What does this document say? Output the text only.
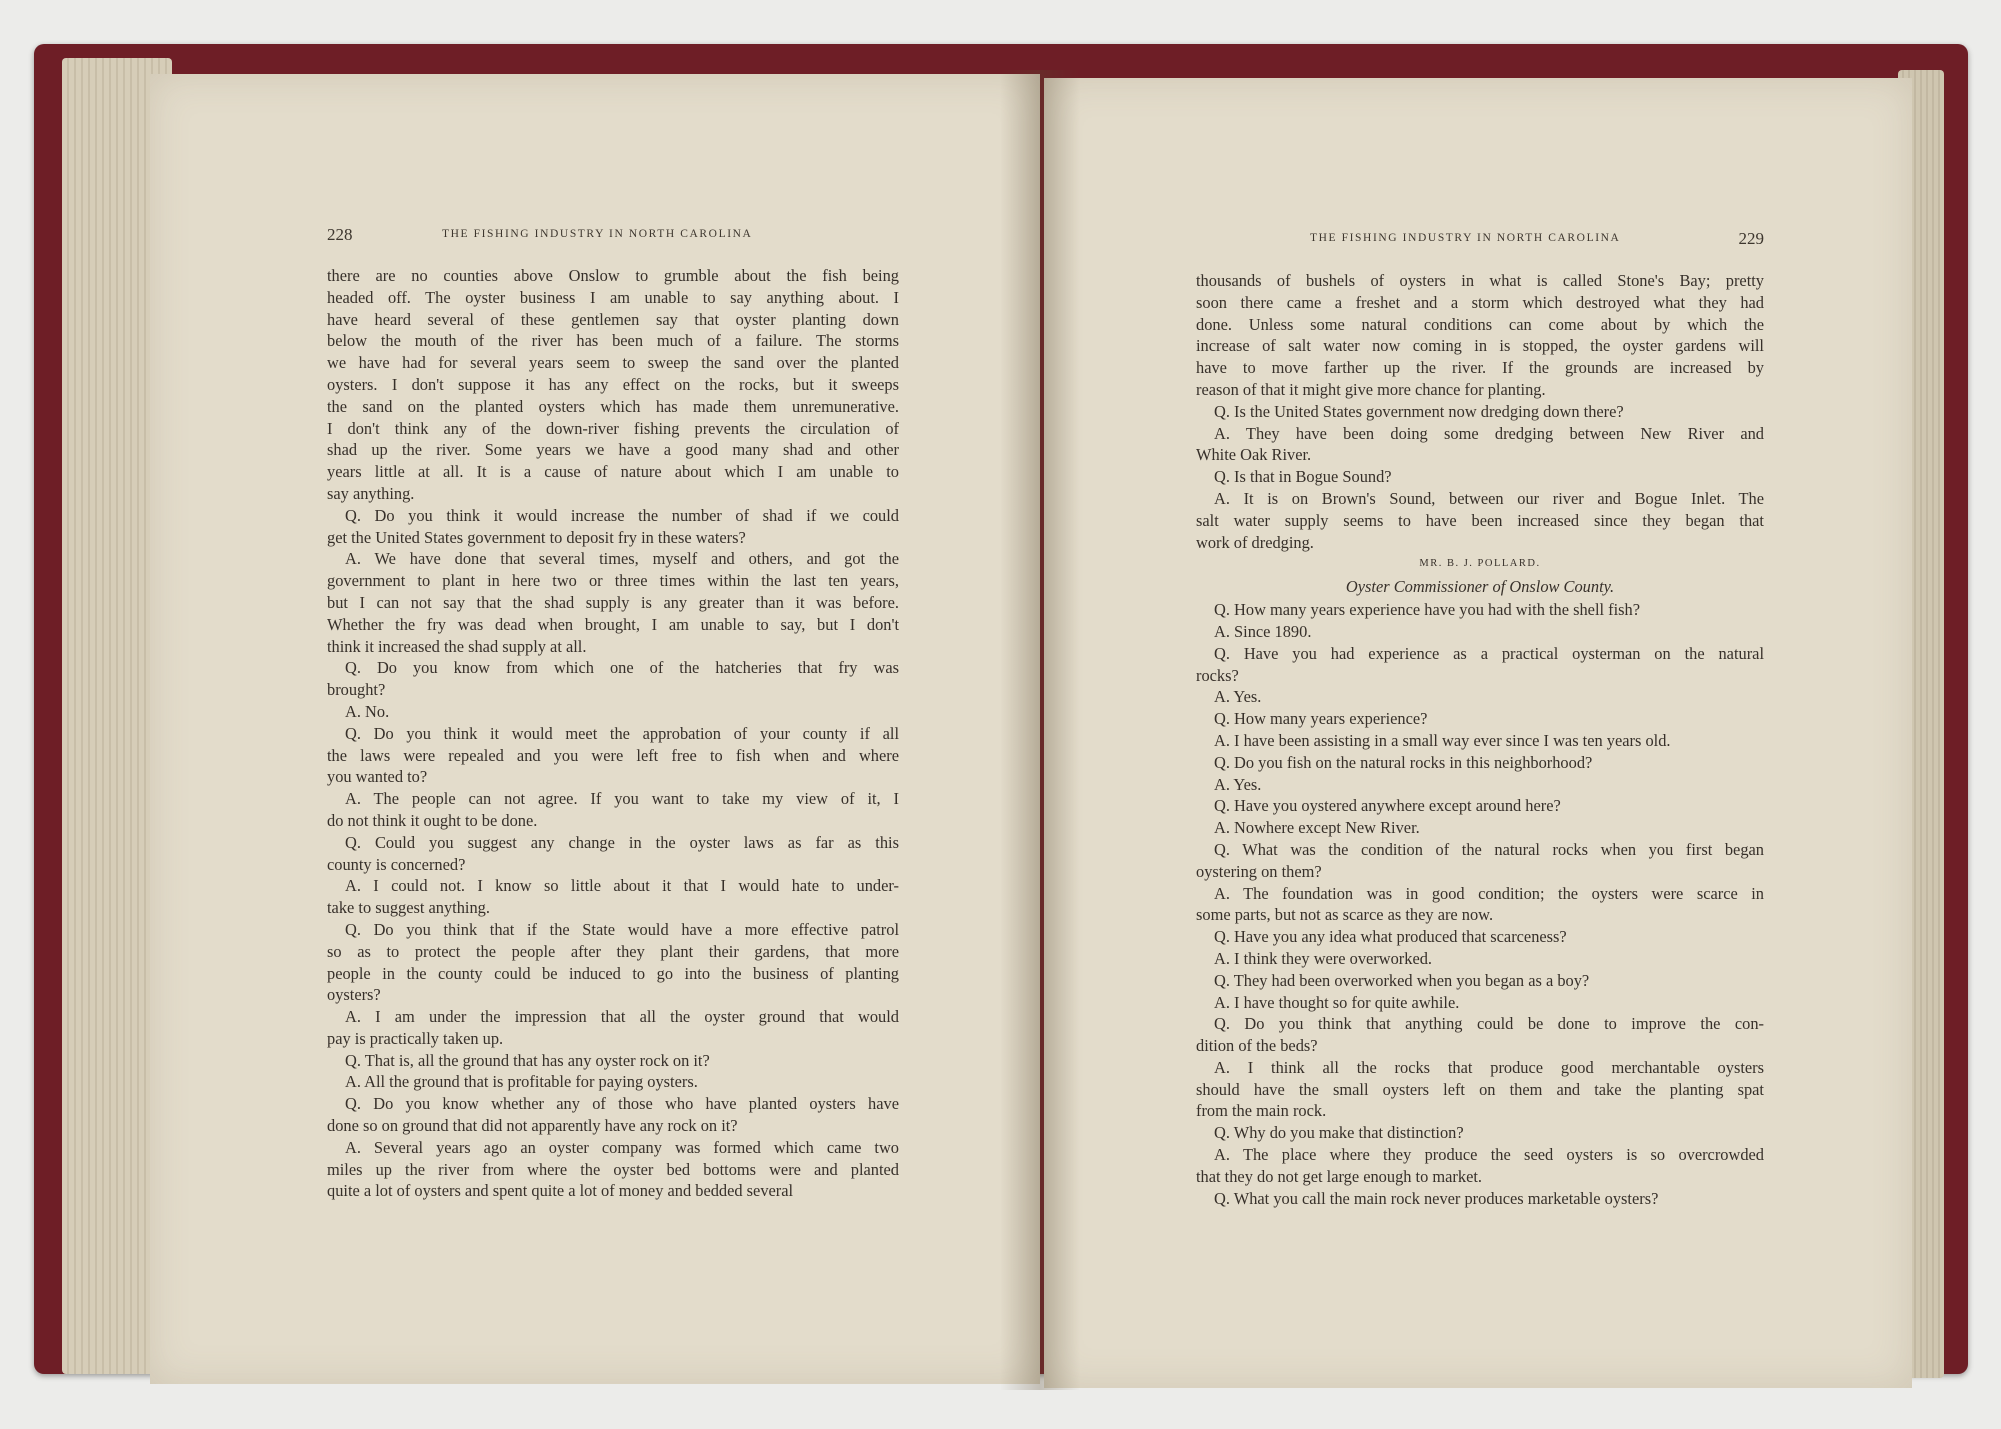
228	THE FISHING INDUSTRY IN NORTH CAROLINA
there are no counties above Onslow to grumble about the fish being
headed off. The oyster business I am unable to say anything about. I
have heard several of these gentlemen say that oyster planting down
below the mouth of the river has been much of a failure. The storms
we have had for several years seem to sweep the sand over the planted
oysters. I don't suppose it has any effect on the rocks, but it sweeps
the sand on the planted oysters which has made them unremunerative.
I don't think any of the down-river fishing prevents the circulation of
shad up the river. Some years we have a good many shad and other
years little at all. It is a cause of nature about which I am unable to
say anything.
Q. Do you think it would increase the number of shad if we could
get the United States government to deposit fry in these waters?
A. We have done that several times, myself and others, and got the
government to plant in here two or three times within the last ten years,
but I can not say that the shad supply is any greater than it was before.
Whether the fry was dead when brought, I am unable to say, but I don't
think it increased the shad supply at all.
Q. Do you know from which one of the hatcheries that fry was
brought?
A. No.
Q. Do you think it would meet the approbation of your county if all
the laws were repealed and you were left free to fish when and where
you wanted to?
A. The people can not agree. If you want to take my view of it, I
do not think it ought to be done.
Q. Could you suggest any change in the oyster laws as far as this
county is concerned?
A. I could not. I know so little about it that I would hate to under-
take to suggest anything.
Q. Do you think that if the State would have a more effective patrol
so as to protect the people after they plant their gardens, that more
people in the county could be induced to go into the business of planting
oysters?
A. I am under the impression that all the oyster ground that would
pay is practically taken up.
Q. That is, all the ground that has any oyster rock on it?
A. All the ground that is profitable for paying oysters.
Q. Do you know whether any of those who have planted oysters have
done so on ground that did not apparently have any rock on it?
A. Several years ago an oyster company was formed which came two
miles up the river from where the oyster bed bottoms were and planted
quite a lot of oysters and spent quite a lot of money and bedded several
THE FISHING INDUSTRY IN NORTH CAROLINA	229
thousands of bushels of oysters in what is called Stone's Bay; pretty
soon there came a freshet and a storm which destroyed what they had
done. Unless some natural conditions can come about by which the
increase of salt water now coming in is stopped, the oyster gardens will
have to move farther up the river. If the grounds are increased by
reason of that it might give more chance for planting.
Q. Is the United States government now dredging down there?
A. They have been doing some dredging between New River and
White Oak River.
Q. Is that in Bogue Sound?
A. It is on Brown's Sound, between our river and Bogue Inlet. The
salt water supply seems to have been increased since they began that
work of dredging.
MR. B. J. POLLARD.
Oyster Commissioner of Onslow County.
Q. How many years experience have you had with the shell fish?
A. Since 1890.
Q. Have you had experience as a practical oysterman on the natural
rocks?
A. Yes.
Q. How many years experience?
A. I have been assisting in a small way ever since I was ten years old.
Q. Do you fish on the natural rocks in this neighborhood?
A. Yes.
Q. Have you oystered anywhere except around here?
A. Nowhere except New River.
Q. What was the condition of the natural rocks when you first began
oystering on them?
A. The foundation was in good condition; the oysters were scarce in
some parts, but not as scarce as they are now.
Q. Have you any idea what produced that scarceness?
A. I think they were overworked.
Q. They had been overworked when you began as a boy?
A. I have thought so for quite awhile.
Q. Do you think that anything could be done to improve the con-
dition of the beds?
A. I think all the rocks that produce good merchantable oysters
should have the small oysters left on them and take the planting spat
from the main rock.
Q. Why do you make that distinction?
A. The place where they produce the seed oysters is so overcrowded
that they do not get large enough to market.
Q. What you call the main rock never produces marketable oysters?
